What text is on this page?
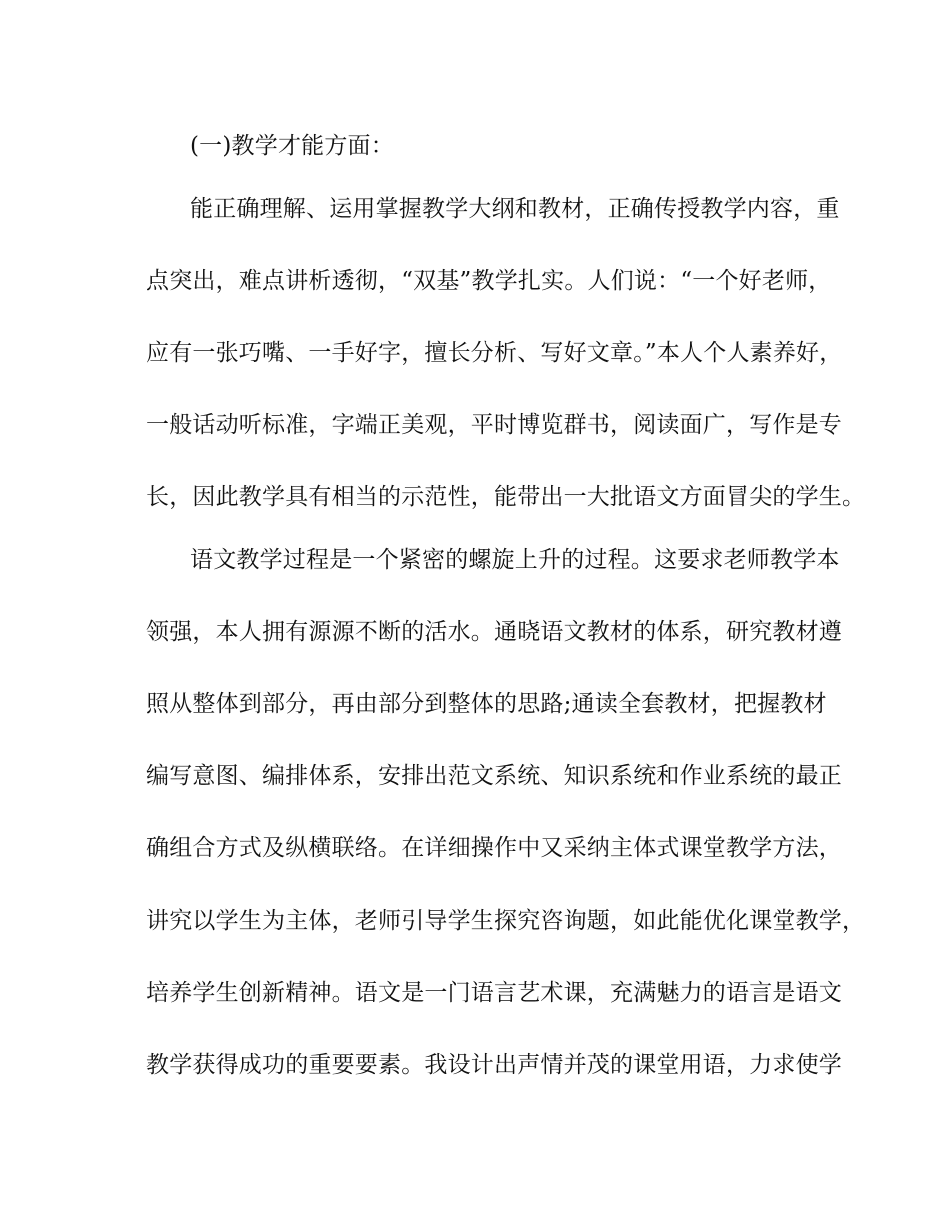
(一)教学才能方面：
能正确理解、运用掌握教学大纲和教材，正确传授教学内容，重
点突出，难点讲析透彻，“双基”教学扎实。人们说：“一个好老师，
应有一张巧嘴、一手好字，擅长分析、写好文章。”本人个人素养好，
一般话动听标准，字端正美观，平时博览群书，阅读面广，写作是专
长，因此教学具有相当的示范性，能带出一大批语文方面冒尖的学生。
语文教学过程是一个紧密的螺旋上升的过程。这要求老师教学本
领强，本人拥有源源不断的活水。通晓语文教材的体系，研究教材遵
照从整体到部分，再由部分到整体的思路;通读全套教材，把握教材
编写意图、编排体系，安排出范文系统、知识系统和作业系统的最正
确组合方式及纵横联络。在详细操作中又采纳主体式课堂教学方法，
讲究以学生为主体，老师引导学生探究咨询题，如此能优化课堂教学，
培养学生创新精神。语文是一门语言艺术课，充满魅力的语言是语文
教学获得成功的重要要素。我设计出声情并茂的课堂用语，力求使学
